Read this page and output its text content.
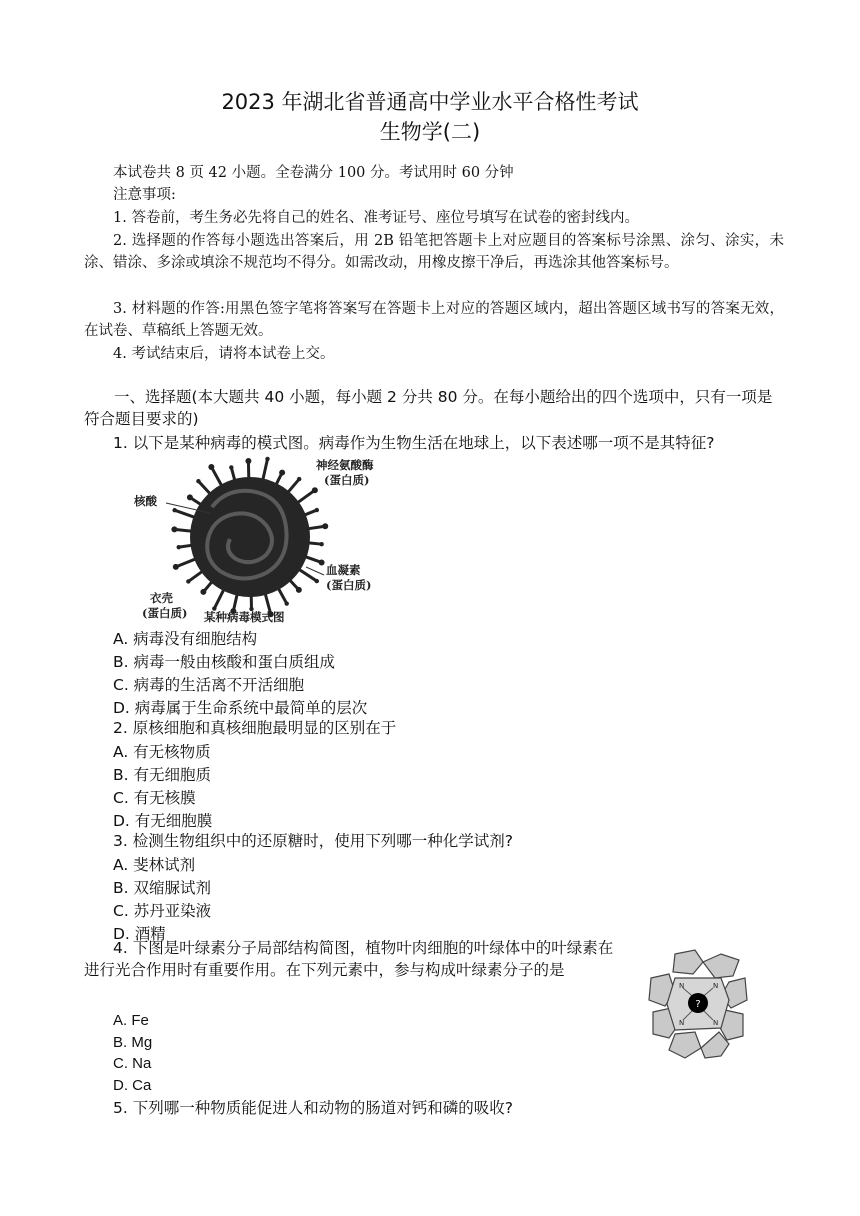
2023 年湖北省普通高中学业水平合格性考试
生物学(二)
本试卷共 8 页 42 小题。全卷满分 100 分。考试用时 60 分钟
注意事项:
1. 答卷前，考生务必先将自己的姓名、准考证号、座位号填写在试卷的密封线内。
2. 选择题的作答每小题选出答案后，用 2B 铅笔把答题卡上对应题目的答案标号涂黑、涂匀、涂实，未涂、错涂、多涂或填涂不规范均不得分。如需改动，用橡皮擦干净后，再选涂其他答案标号。
3. 材料题的作答:用黑色签字笔将答案写在答题卡上对应的答题区域内，超出答题区域书写的答案无效，在试卷、草稿纸上答题无效。
4. 考试结束后，请将本试卷上交。
一、选择题(本大题共 40 小题，每小题 2 分共 80 分。在每小题给出的四个选项中，只有一项是符合题目要求的)
1. 以下是某种病毒的模式图。病毒作为生物生活在地球上，以下表述哪一项不是其特征?
核酸
神经氨酸酶
(蛋白质)
血凝素
(蛋白质)
衣壳
(蛋白质) 某种病毒模式图
A. 病毒没有细胞结构
B. 病毒一般由核酸和蛋白质组成
C. 病毒的生活离不开活细胞
D. 病毒属于生命系统中最简单的层次
2. 原核细胞和真核细胞最明显的区别在于
A. 有无核物质
B. 有无细胞质
C. 有无核膜
D. 有无细胞膜
3. 检测生物组织中的还原糖时，使用下列哪一种化学试剂?
A. 斐林试剂
B. 双缩脲试剂
C. 苏丹亚染液
D. 酒精
4. 下图是叶绿素分子局部结构简图，植物叶肉细胞的叶绿体中的叶绿素在进行光合作用时有重要作用。在下列元素中，参与构成叶绿素分子的是
N	N
N	N
?
A. Fe
B. Mg
C. Na
D. Ca
5. 下列哪一种物质能促进人和动物的肠道对钙和磷的吸收?
